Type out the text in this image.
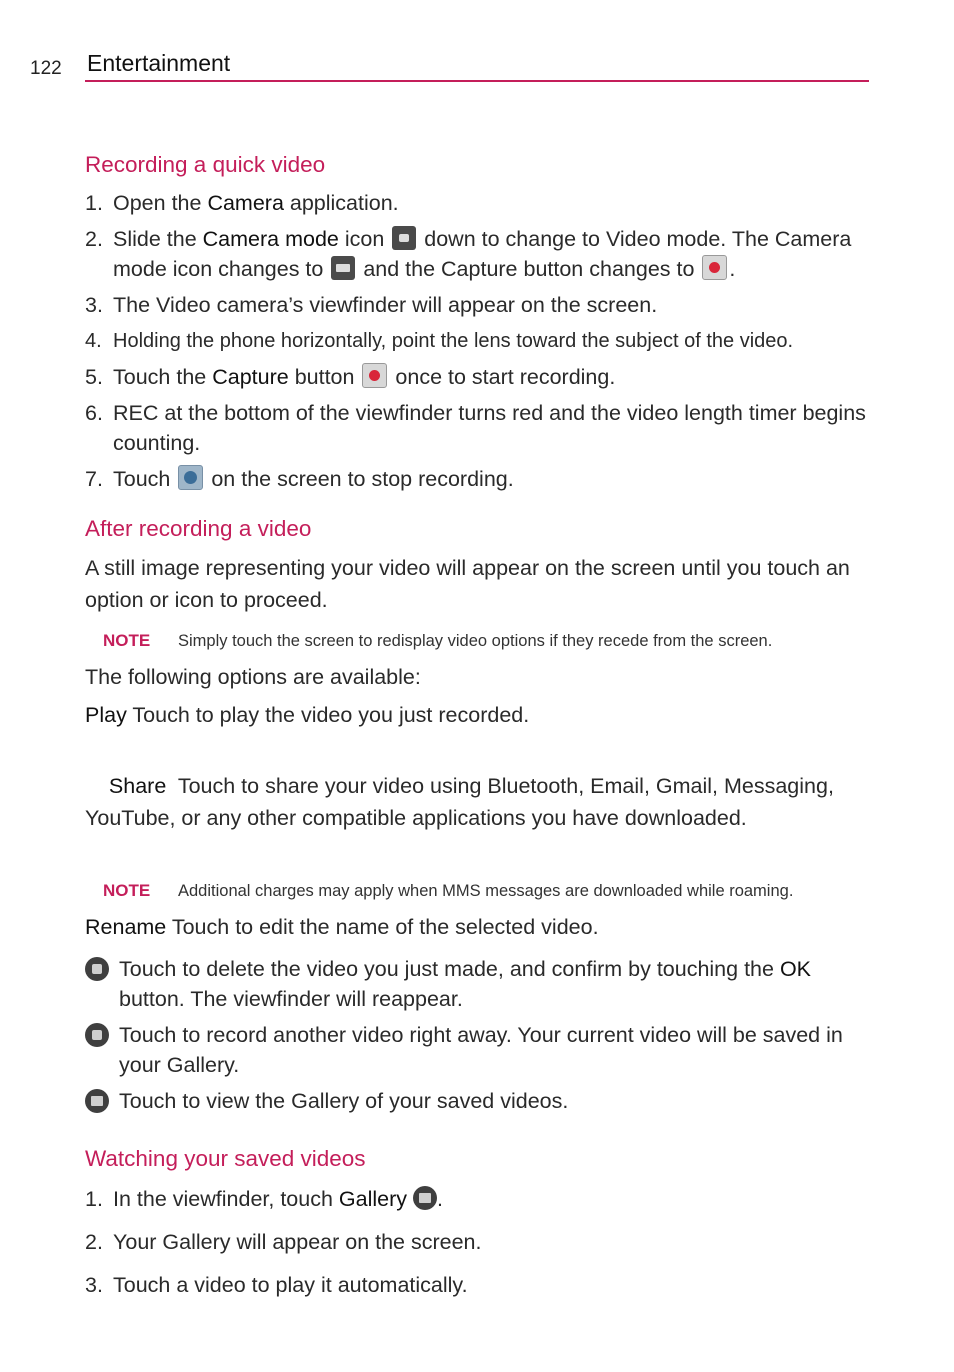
122 Entertainment
Recording a quick video
1. Open the Camera application.
2. Slide the Camera mode icon  down to change to Video mode. The Camera mode icon changes to  and the Capture button changes to .
3. The Video camera’s viewfinder will appear on the screen.
4. Holding the phone horizontally, point the lens toward the subject of the video.
5. Touch the Capture button  once to start recording.
6. REC at the bottom of the viewfinder turns red and the video length timer begins counting.
7. Touch  on the screen to stop recording.
After recording a video

A still image representing your video will appear on the screen until you touch an option or icon to proceed.

NOTE	Simply touch the screen to redisplay video options if they recede from the screen.
The following options are available:
Play Touch to play the video you just recorded.

Share  Touch to share your video using Bluetooth, Email, Gmail, Messaging, YouTube, or any other compatible applications you have downloaded.

NOTE	Additional charges may apply when MMS messages are downloaded while roaming.
Rename Touch to edit the name of the selected video.
Touch to delete the video you just made, and confirm by touching the OK button. The viewfinder will reappear.
Touch to record another video right away. Your current video will be saved in your Gallery.
Touch to view the Gallery of your saved videos.
Watching your saved videos
1. In the viewfinder, touch Gallery .
2. Your Gallery will appear on the screen.
3. Touch a video to play it automatically.
